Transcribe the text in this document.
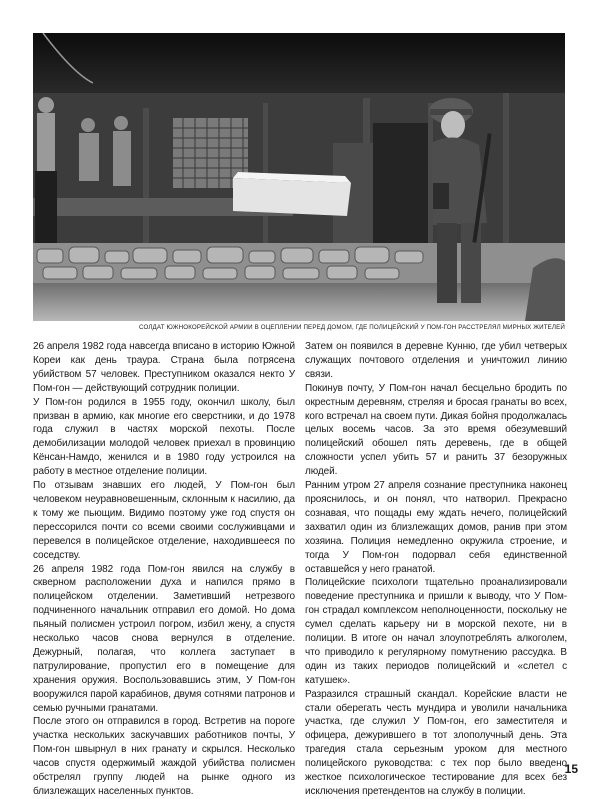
СОЛДАТ ЮЖНОКОРЕЙСКОЙ АРМИИ В ОЦЕПЛЕНИИ ПЕРЕД ДОМОМ, ГДЕ ПОЛИЦЕЙСКИЙ У ПОМ-ГОН РАССТРЕЛЯЛ МИРНЫХ ЖИТЕЛЕЙ

26 апреля 1982 года навсегда вписано в историю Южной Кореи как день траура. Страна была потрясена убийством 57 человек. Преступником оказался некто У Пом-гон — действующий сотрудник полиции.

У Пом-гон родился в 1955 году, окончил школу, был призван в армию, как многие его сверстники, и до 1978 года служил в частях морской пехоты. После демобилизации молодой человек приехал в провинцию Кёнсан-Намдо, женился и в 1980 году устроился на работу в местное отделение полиции.

По отзывам знавших его людей, У Пом-гон был человеком неуравновешенным, склонным к насилию, да к тому же пьющим. Видимо поэтому уже год спустя он перессорился почти со всеми своими сослуживцами и перевелся в полицейское отделение, находившееся по соседству.

26 апреля 1982 года Пом-гон явился на службу в скверном расположении духа и напился прямо в полицейском отделении. Заметивший нетрезвого подчиненного начальник отправил его домой. Но дома пьяный полисмен устроил погром, избил жену, а спустя несколько часов снова вернулся в отделение. Дежурный, полагая, что коллега заступает в патрулирование, пропустил его в помещение для хранения оружия. Воспользовавшись этим, У Пом-гон вооружился парой карабинов, двумя сотнями патронов и семью ручными гранатами.

После этого он отправился в город. Встретив на пороге участка нескольких заскучавших работников почты, У Пом-гон швырнул в них гранату и скрылся. Несколько часов спустя одержимый жаждой убийства полисмен обстрелял группу людей на рынке одного из близлежащих населенных пунктов.

Затем он появился в деревне Кунню, где убил четверых служащих почтового отделения и уничтожил линию связи.

Покинув почту, У Пом-гон начал бесцельно бродить по окрестным деревням, стреляя и бросая гранаты во всех, кого встречал на своем пути. Дикая бойня продолжалась целых восемь часов. За это время обезумевший полицейский обошел пять деревень, где в общей сложности успел убить 57 и ранить 37 безоружных людей.

Ранним утром 27 апреля сознание преступника наконец прояснилось, и он понял, что натворил. Прекрасно сознавая, что пощады ему ждать нечего, полицейский захватил один из близлежащих домов, ранив при этом хозяина. Полиция немедленно окружила строение, и тогда У Пом-гон подорвал себя единственной оставшейся у него гранатой.

Полицейские психологи тщательно проанализировали поведение преступника и пришли к выводу, что У Пом-гон страдал комплексом неполноценности, поскольку не сумел сделать карьеру ни в морской пехоте, ни в полиции. В итоге он начал злоупотреблять алкоголем, что приводило к регулярному помутнению рассудка. В один из таких периодов полицейский и «слетел с катушек».

Разразился страшный скандал. Корейские власти не стали оберегать честь мундира и уволили начальника участка, где служил У Пом-гон, его заместителя и офицера, дежурившего в тот злополучный день. Эта трагедия стала серьезным уроком для местного полицейского руководства: с тех пор было введено жесткое психологическое тестирование для всех без исключения претендентов на службу в полиции.

15
